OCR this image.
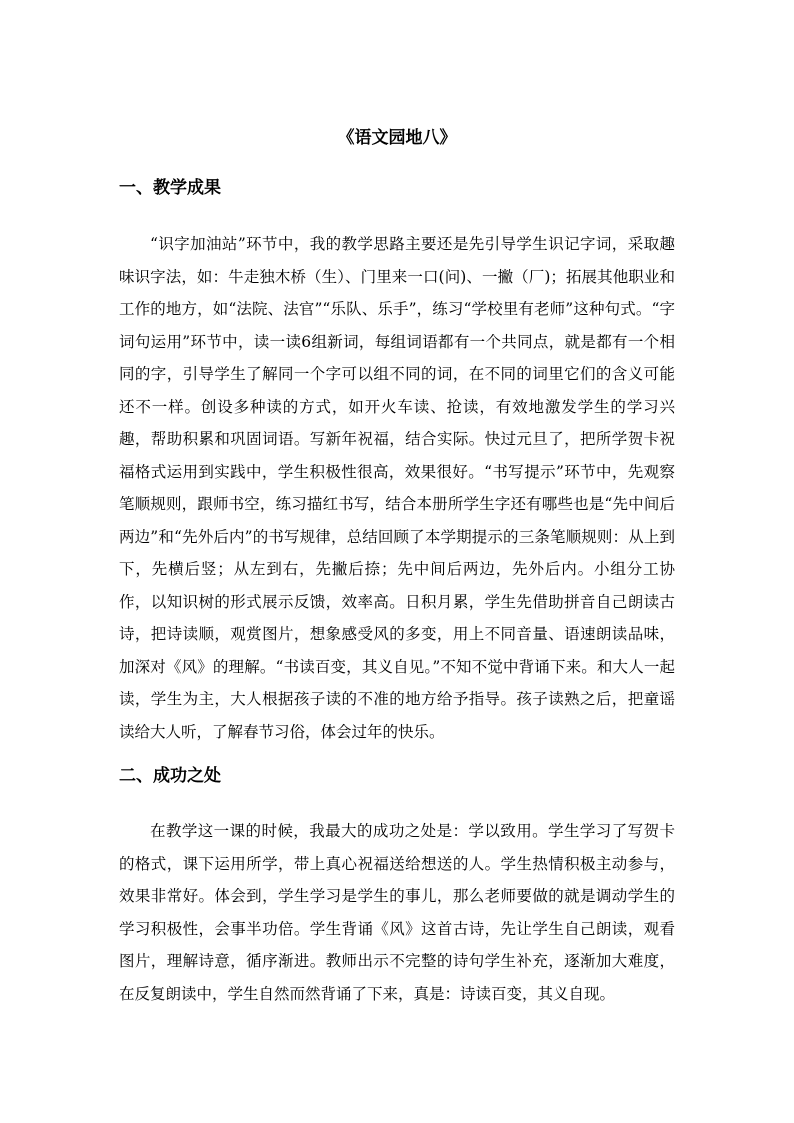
《语文园地八》
一、教学成果

“识字加油站”环节中，我的教学思路主要还是先引导学生识记字词，采取趣味识字法，如：牛走独木桥（生）、门里来一口(问)、一撇（厂)；拓展其他职业和工作的地方，如“法院、法官”“乐队、乐手”，练习“学校里有老师”这种句式。“字词句运用”环节中，读一读6组新词，每组词语都有一个共同点，就是都有一个相同的字，引导学生了解同一个字可以组不同的词，在不同的词里它们的含义可能还不一样。创设多种读的方式，如开火车读、抢读，有效地激发学生的学习兴趣，帮助积累和巩固词语。写新年祝福，结合实际。快过元旦了，把所学贺卡祝福格式运用到实践中，学生积极性很高，效果很好。“书写提示”环节中，先观察笔顺规则，跟师书空，练习描红书写，结合本册所学生字还有哪些也是“先中间后两边”和“先外后内”的书写规律，总结回顾了本学期提示的三条笔顺规则：从上到下，先横后竖；从左到右，先撇后捺；先中间后两边，先外后内。小组分工协作，以知识树的形式展示反馈，效率高。日积月累，学生先借助拼音自己朗读古诗，把诗读顺，观赏图片，想象感受风的多变，用上不同音量、语速朗读品味，加深对《风》的理解。“书读百变，其义自见。”不知不觉中背诵下来。和大人一起读，学生为主，大人根据孩子读的不准的地方给予指导。孩子读熟之后，把童谣读给大人听，了解春节习俗，体会过年的快乐。

二、成功之处

在教学这一课的时候，我最大的成功之处是：学以致用。学生学习了写贺卡的格式，课下运用所学，带上真心祝福送给想送的人。学生热情积极主动参与，效果非常好。体会到，学生学习是学生的事儿，那么老师要做的就是调动学生的学习积极性，会事半功倍。学生背诵《风》这首古诗，先让学生自己朗读，观看图片，理解诗意，循序渐进。教师出示不完整的诗句学生补充，逐渐加大难度，在反复朗读中，学生自然而然背诵了下来，真是：诗读百变，其义自现。
